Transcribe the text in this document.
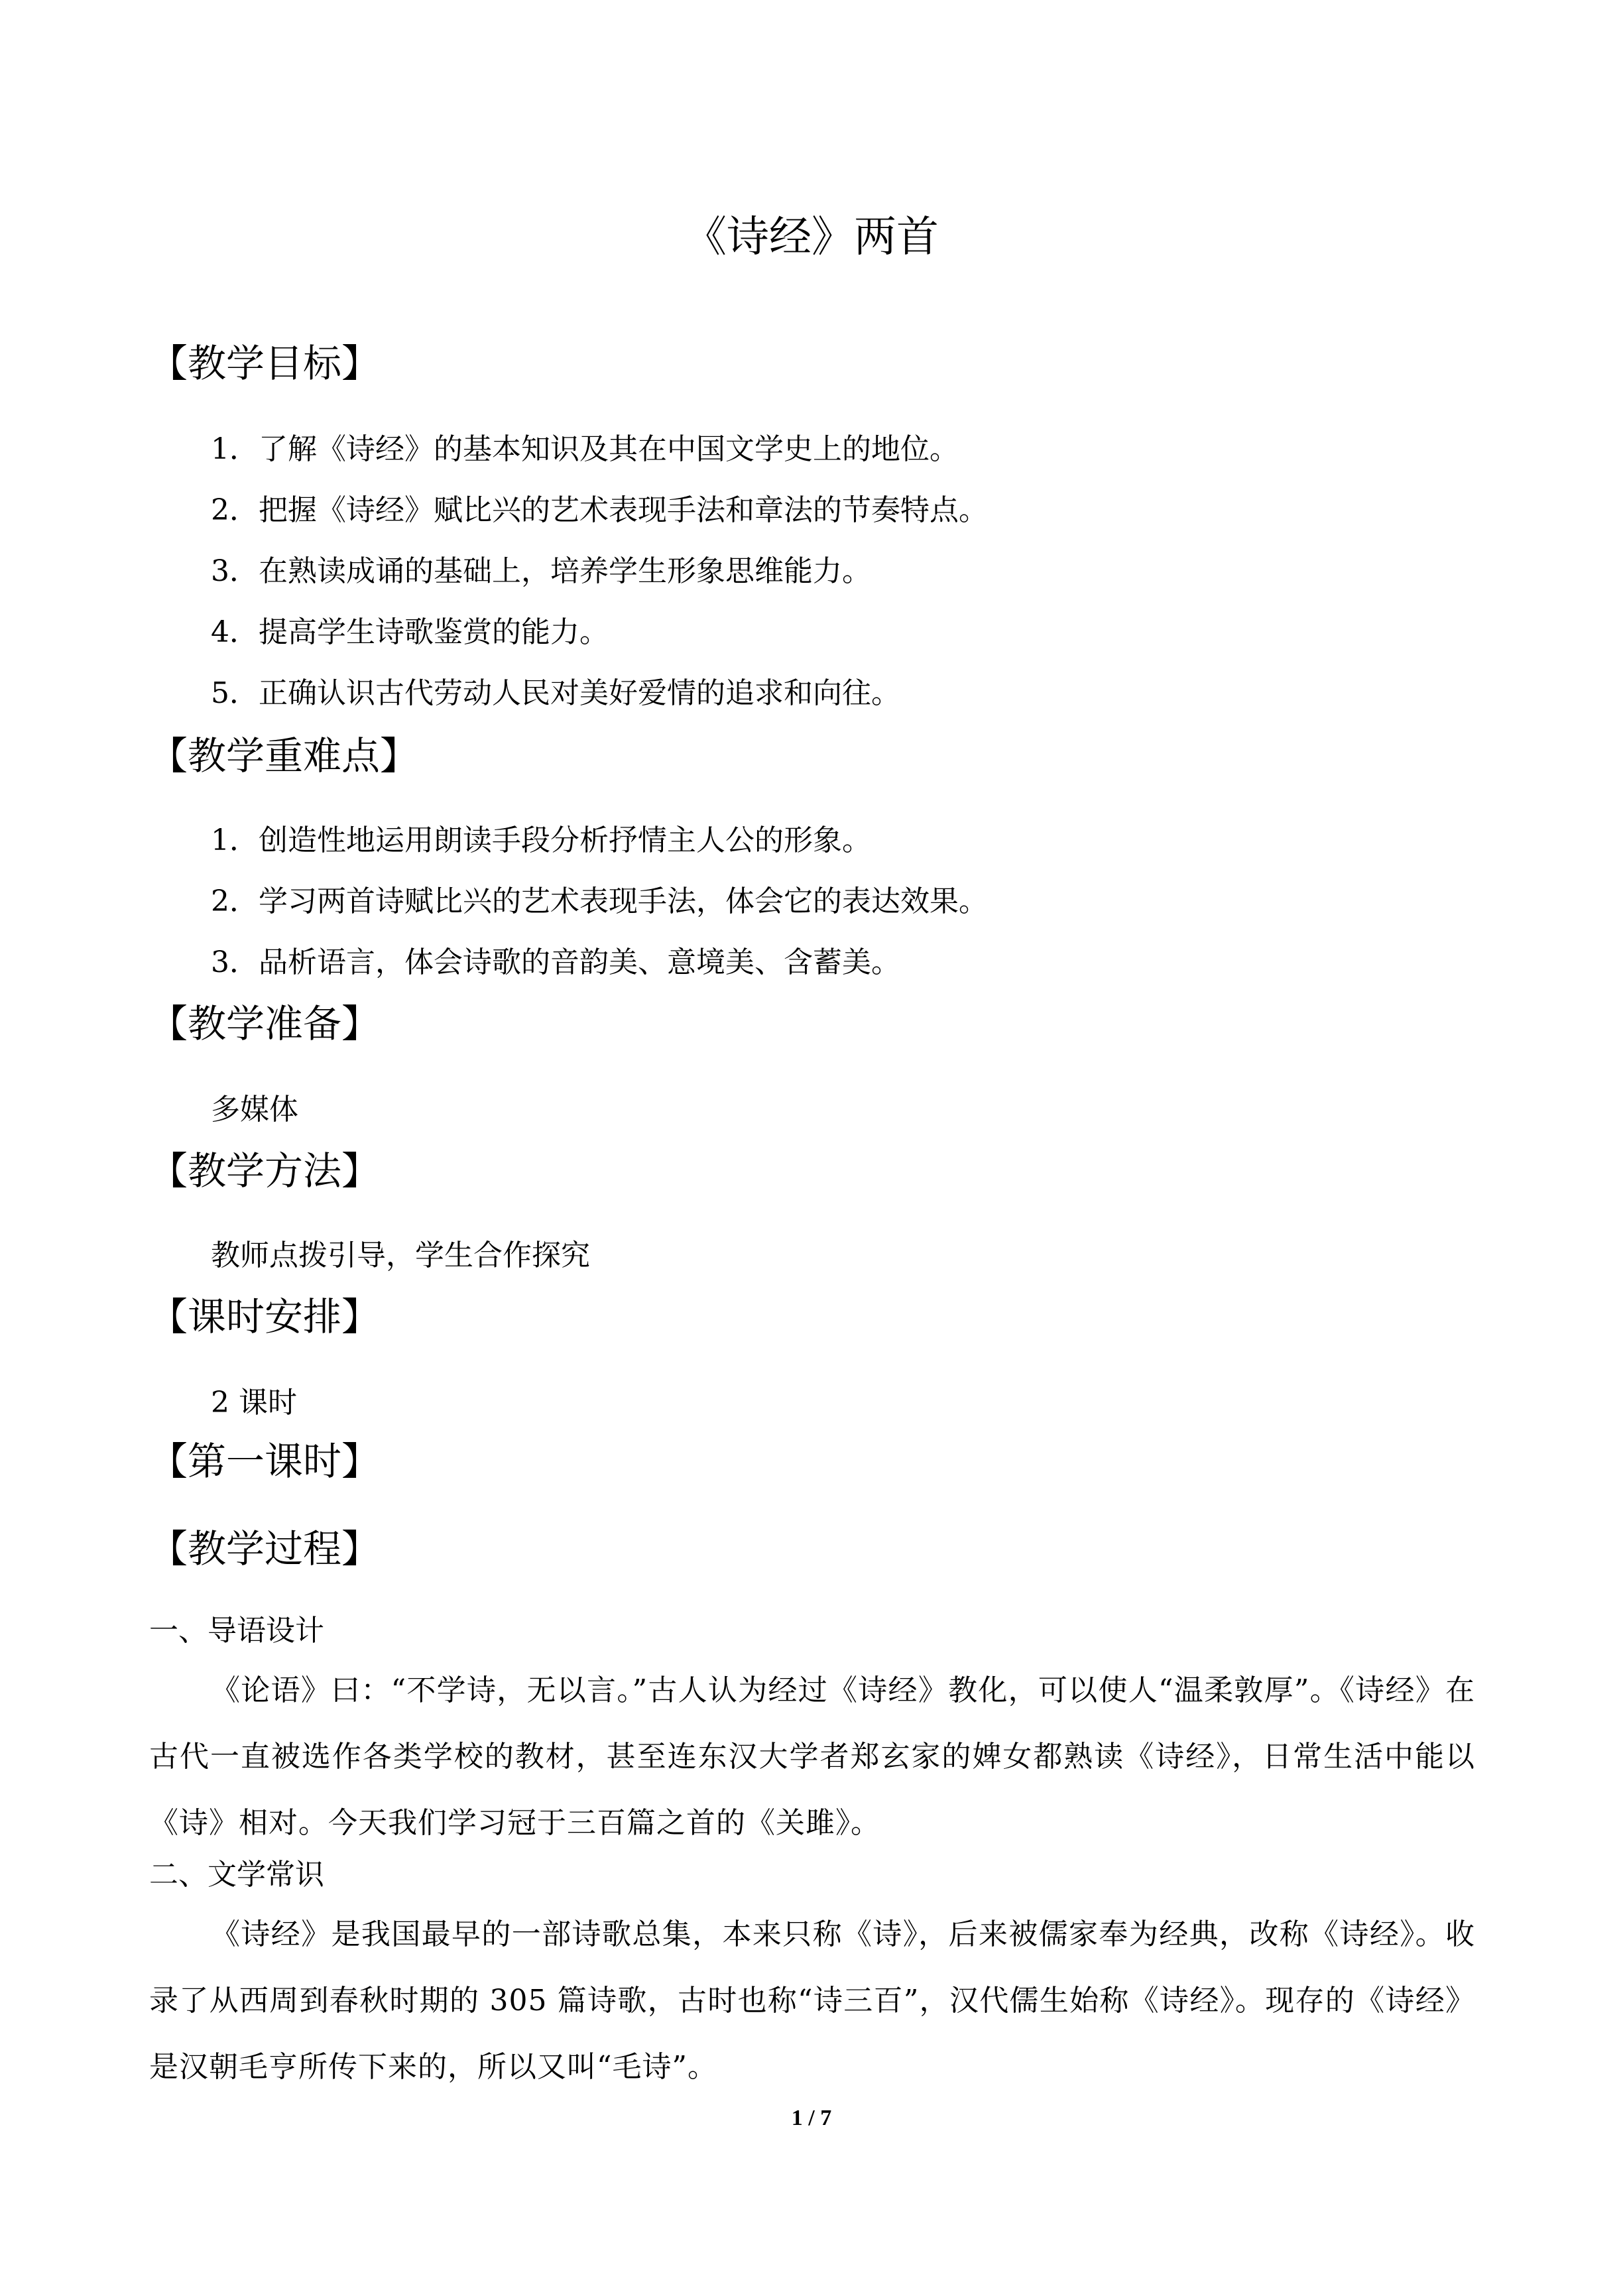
《诗经》两首
【教学目标】
1．了解《诗经》的基本知识及其在中国文学史上的地位。
2．把握《诗经》赋比兴的艺术表现手法和章法的节奏特点。
3．在熟读成诵的基础上，培养学生形象思维能力。
4．提高学生诗歌鉴赏的能力。
5．正确认识古代劳动人民对美好爱情的追求和向往。
【教学重难点】
1．创造性地运用朗读手段分析抒情主人公的形象。
2．学习两首诗赋比兴的艺术表现手法，体会它的表达效果。
3．品析语言，体会诗歌的音韵美、意境美、含蓄美。
【教学准备】
多媒体
【教学方法】
教师点拨引导，学生合作探究
【课时安排】
2 课时
【第一课时】
【教学过程】
一、导语设计
《论语》曰：“不学诗，无以言。”古人认为经过《诗经》教化，可以使人“温柔敦厚”。《诗经》在古代一直被选作各类学校的教材，甚至连东汉大学者郑玄家的婢女都熟读《诗经》，日常生活中能以《诗》相对。今天我们学习冠于三百篇之首的《关雎》。
二、文学常识
《诗经》是我国最早的一部诗歌总集，本来只称《诗》，后来被儒家奉为经典，改称《诗经》。收录了从西周到春秋时期的 305 篇诗歌，古时也称“诗三百”，汉代儒生始称《诗经》。现存的《诗经》是汉朝毛亨所传下来的，所以又叫“毛诗”。
1 / 7
